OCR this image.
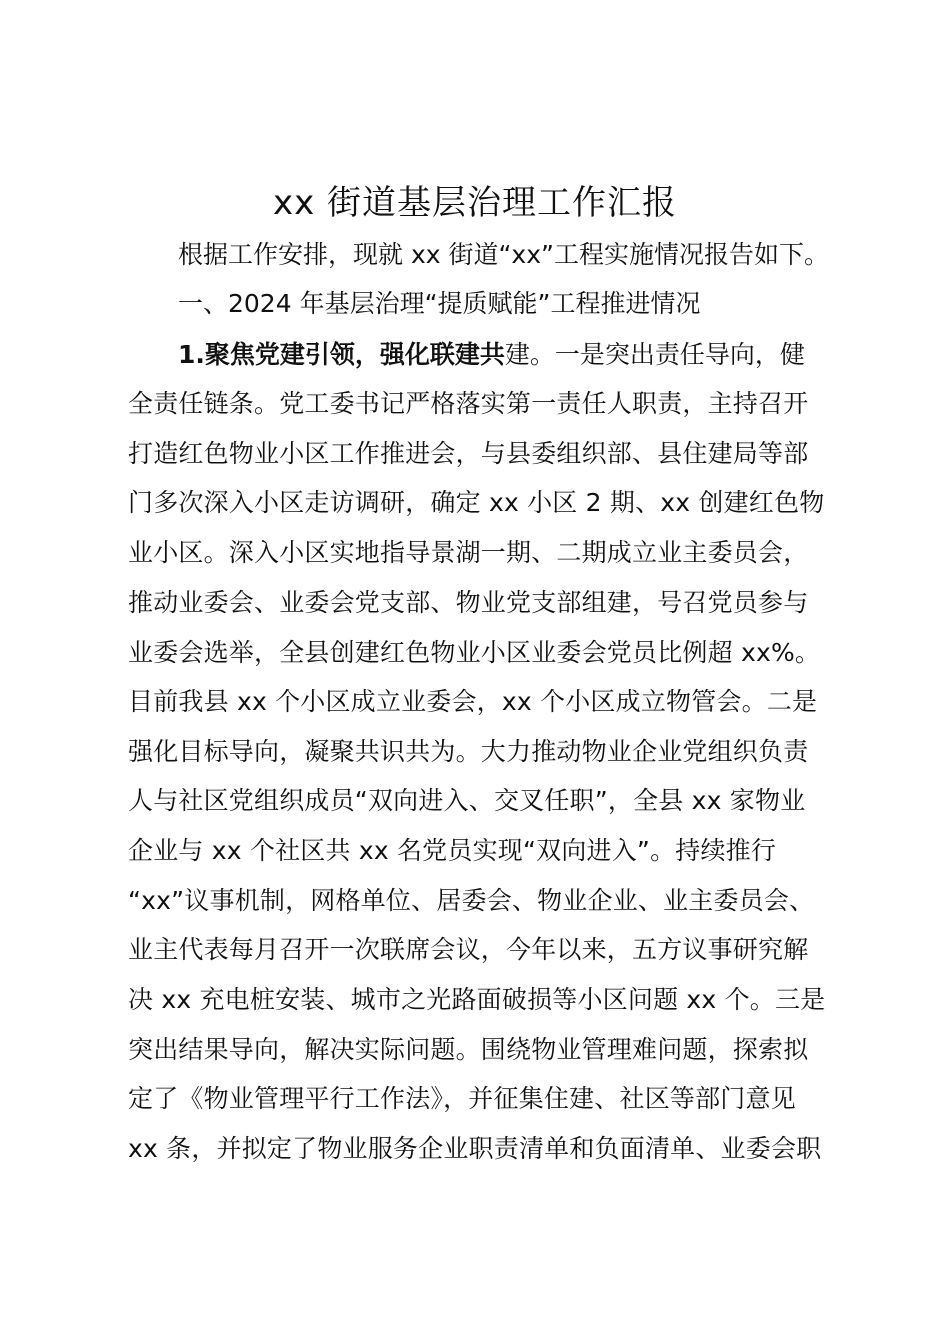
xx 街道基层治理工作汇报
根据工作安排，现就 xx 街道“xx”工程实施情况报告如下。
一、2024 年基层治理“提质赋能”工程推进情况
1.聚焦党建引领，强化联建共建。一是突出责任导向，健
全责任链条。党工委书记严格落实第一责任人职责，主持召开
打造红色物业小区工作推进会，与县委组织部、县住建局等部
门多次深入小区走访调研，确定 xx 小区 2 期、xx 创建红色物
业小区。深入小区实地指导景湖一期、二期成立业主委员会，
推动业委会、业委会党支部、物业党支部组建，号召党员参与
业委会选举，全县创建红色物业小区业委会党员比例超 xx%。
目前我县 xx 个小区成立业委会，xx 个小区成立物管会。二是
强化目标导向，凝聚共识共为。大力推动物业企业党组织负责
人与社区党组织成员“双向进入、交叉任职”，全县 xx 家物业
企业与 xx 个社区共 xx 名党员实现“双向进入”。持续推行
“xx”议事机制，网格单位、居委会、物业企业、业主委员会、
业主代表每月召开一次联席会议，今年以来，五方议事研究解
决 xx 充电桩安装、城市之光路面破损等小区问题 xx 个。三是
突出结果导向，解决实际问题。围绕物业管理难问题，探索拟
定了《物业管理平行工作法》，并征集住建、社区等部门意见
xx 条，并拟定了物业服务企业职责清单和负面清单、业委会职
